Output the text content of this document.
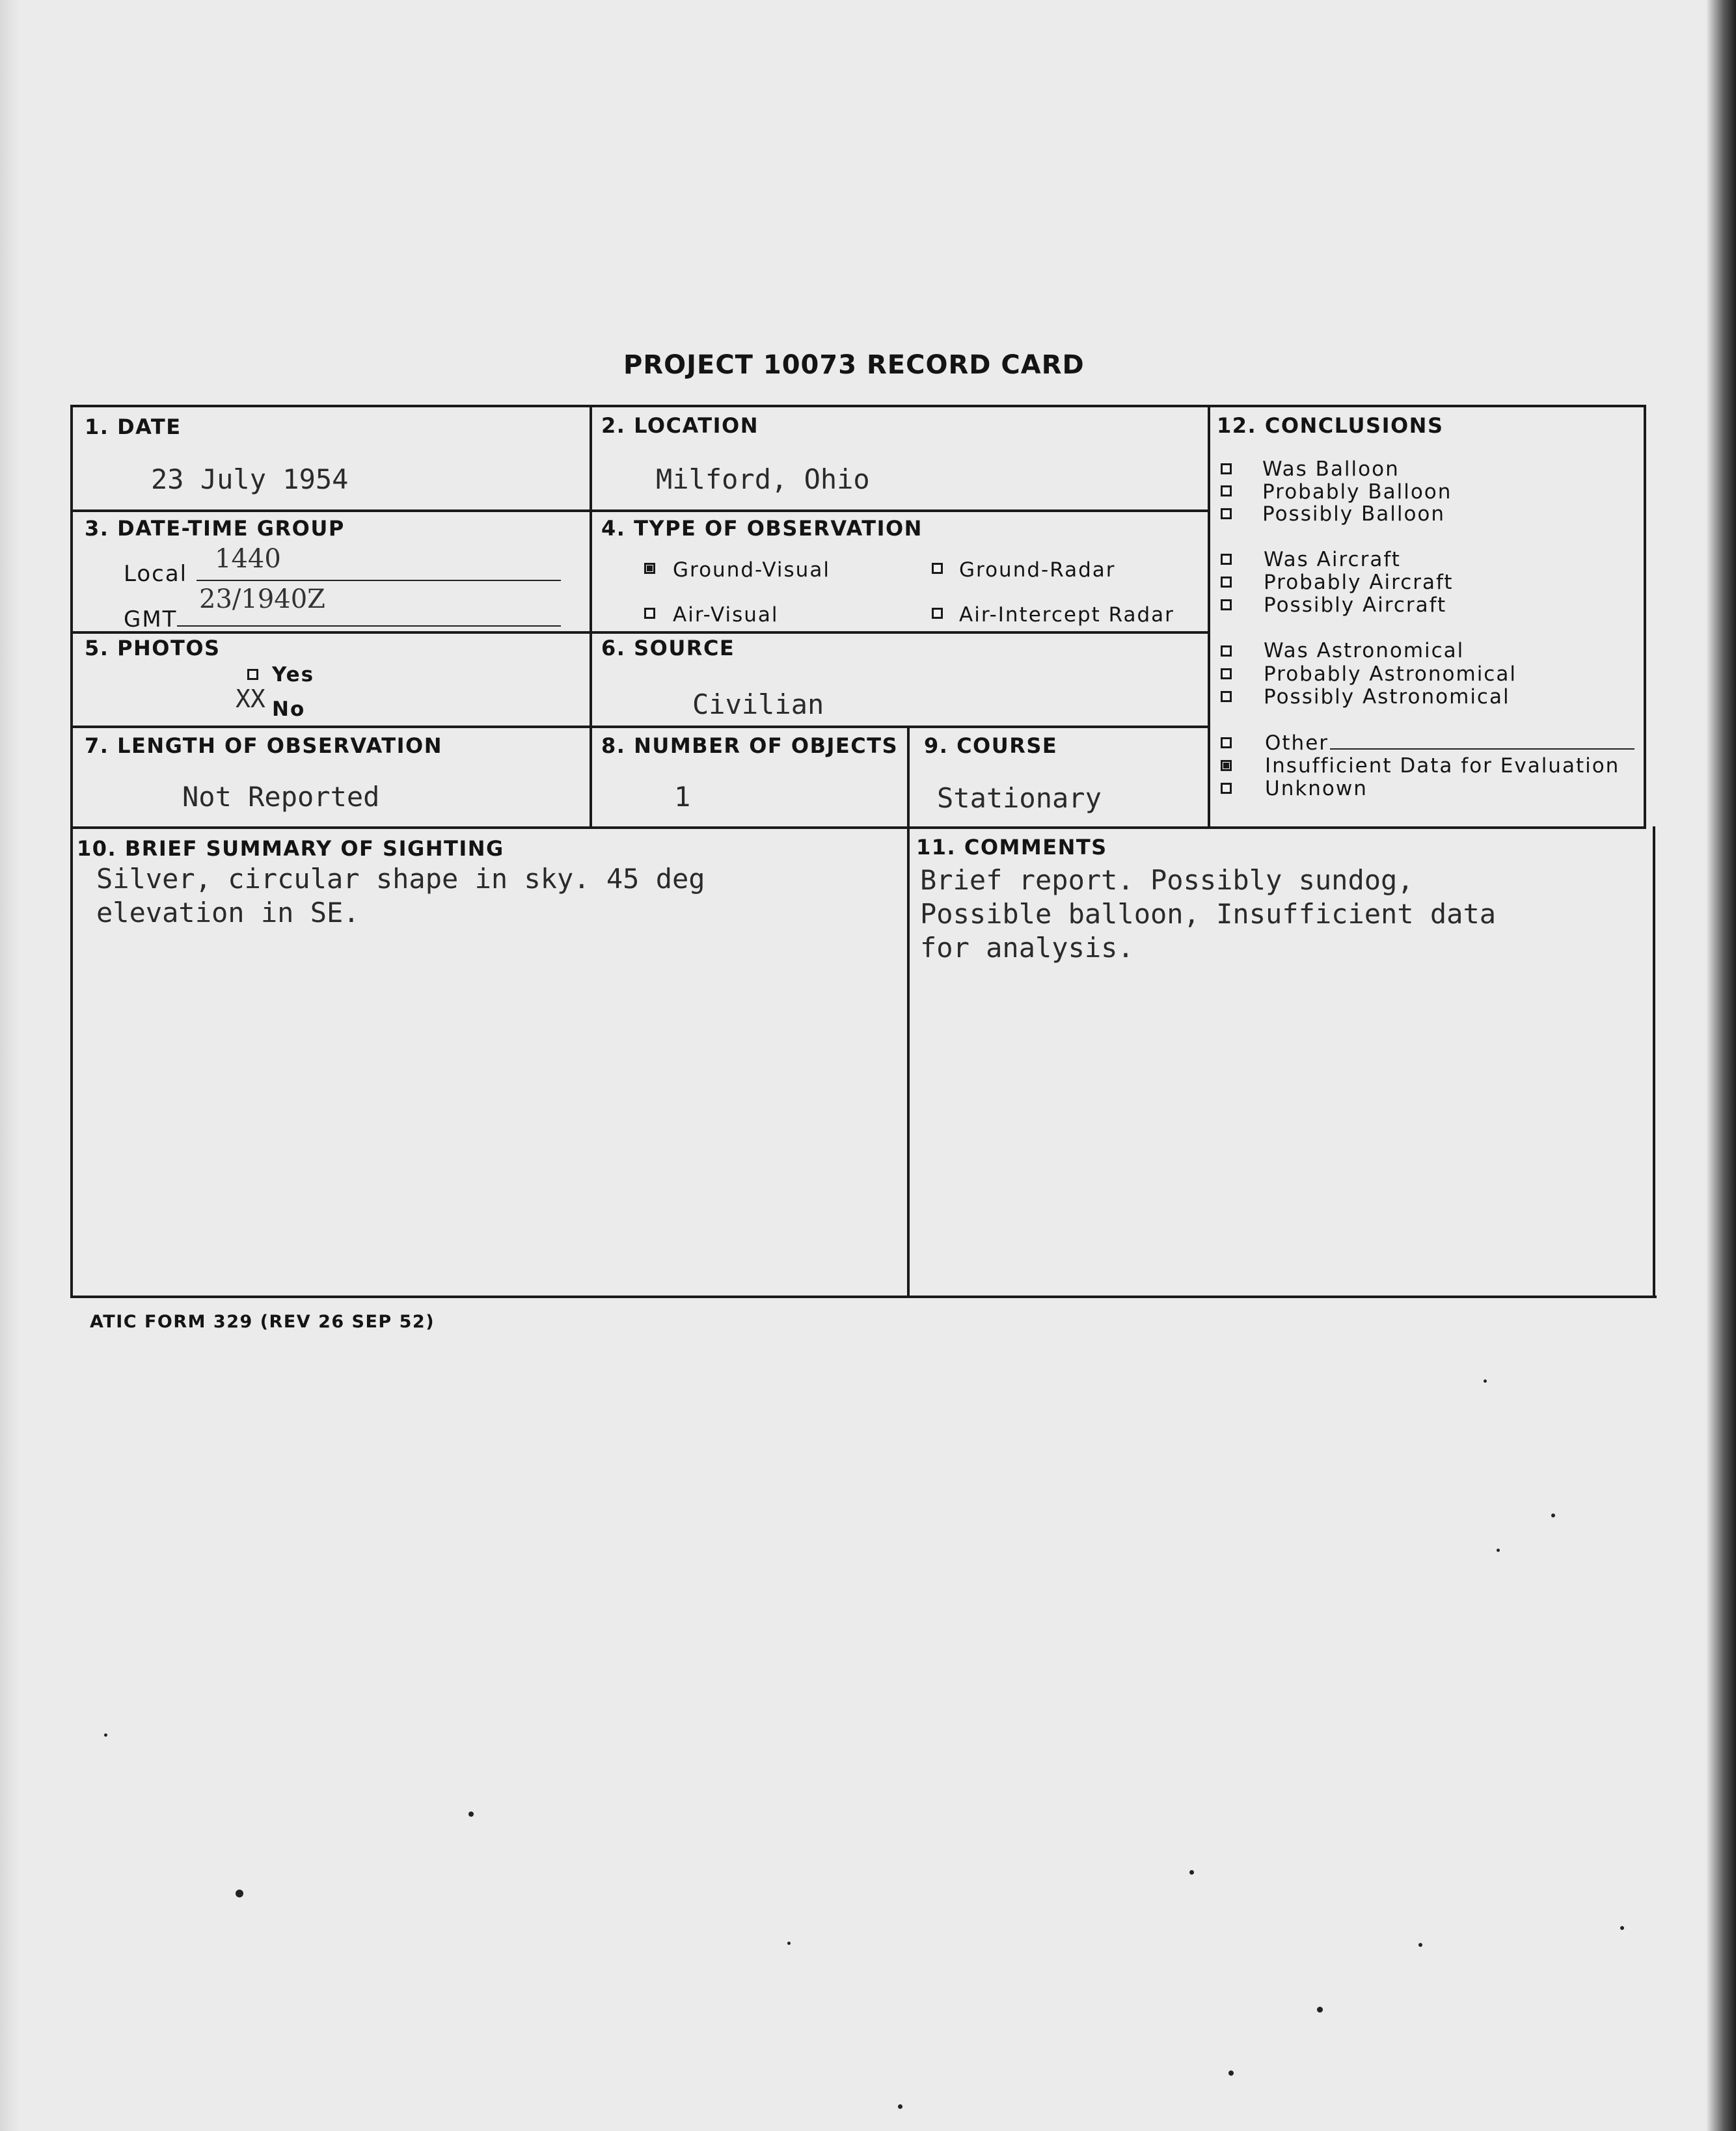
PROJECT 10073 RECORD CARD
1. DATE
23 July 1954
2. LOCATION
Milford, Ohio
3. DATE-TIME GROUP
Local 1440
GMT
23/1940Z
4. TYPE OF OBSERVATION
Ground-Visual	Ground-Radar
Air-Visual	Air-Intercept Radar
5. PHOTOS
Yes
XX No
6. SOURCE
Civilian
7. LENGTH OF OBSERVATION
Not Reported
8. NUMBER OF OBJECTS
1
9. COURSE
Stationary
10. BRIEF SUMMARY OF SIGHTING
Silver, circular shape in sky. 45 deg
elevation in SE.
11. COMMENTS
Brief report. Possibly sundog,
Possible balloon, Insufficient data
for analysis.
12. CONCLUSIONS
Was Balloon
Probably Balloon
Possibly Balloon
Was Aircraft
Probably Aircraft
Possibly Aircraft
Was Astronomical
Probably Astronomical
Possibly Astronomical
Other
Insufficient Data for Evaluation
Unknown
ATIC FORM 329 (REV 26 SEP 52)
